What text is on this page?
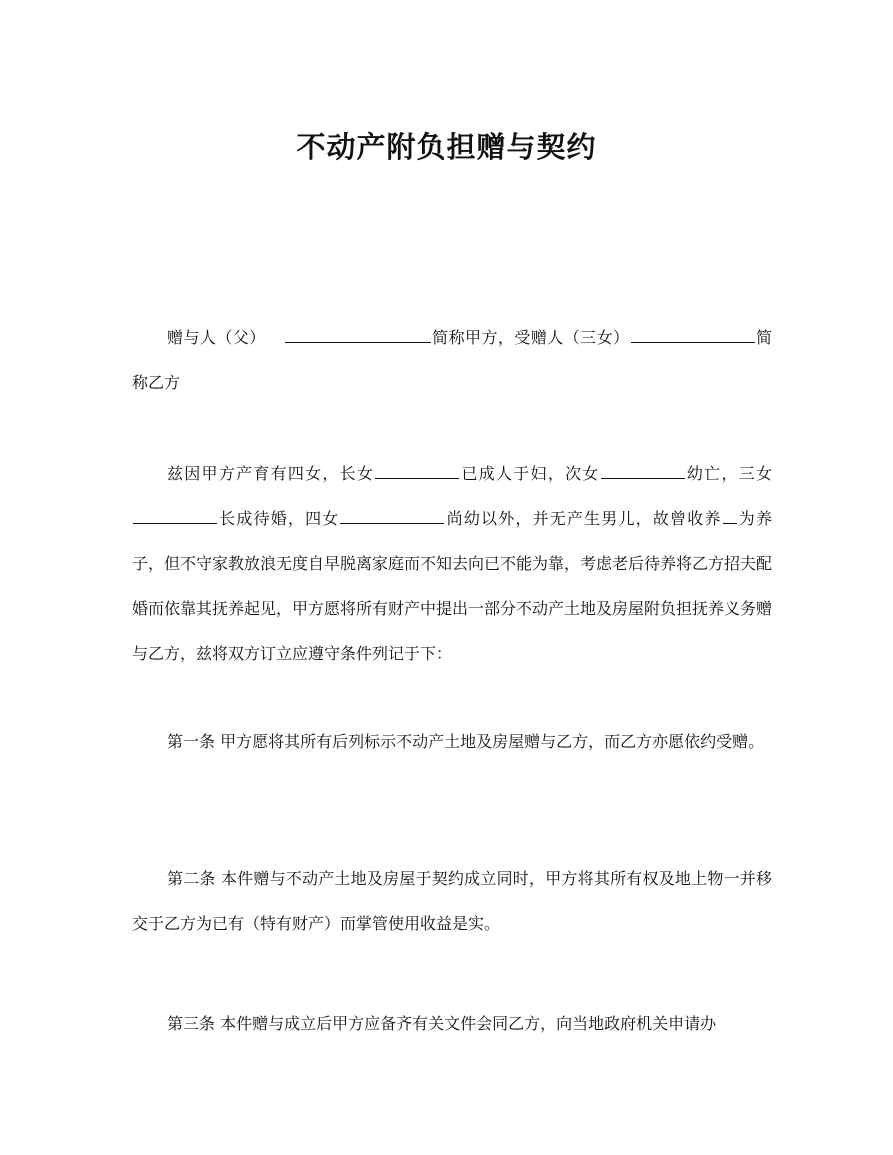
不动产附负担赠与契约

赠与人（父）	简称甲方，受赠人（三女）	简称乙方

兹因甲方产育有四女，长女	已成人于妇，次女	幼亡，三女长成待婚，四女	尚幼以外，并无产生男儿，故曾收养 为养子，但不守家教放浪无度自早脱离家庭而不知去向已不能为靠，考虑老后待养将乙方招夫配婚而依靠其抚养起见，甲方愿将所有财产中提出一部分不动产土地及房屋附负担抚养义务赠与乙方，兹将双方订立应遵守条件列记于下：

第一条 甲方愿将其所有后列标示不动产土地及房屋赠与乙方，而乙方亦愿依约受赠。

第二条 本件赠与不动产土地及房屋于契约成立同时，甲方将其所有权及地上物一并移交于乙方为已有（特有财产）而掌管使用收益是实。

第三条 本件赠与成立后甲方应备齐有关文件会同乙方，向当地政府机关申请办
